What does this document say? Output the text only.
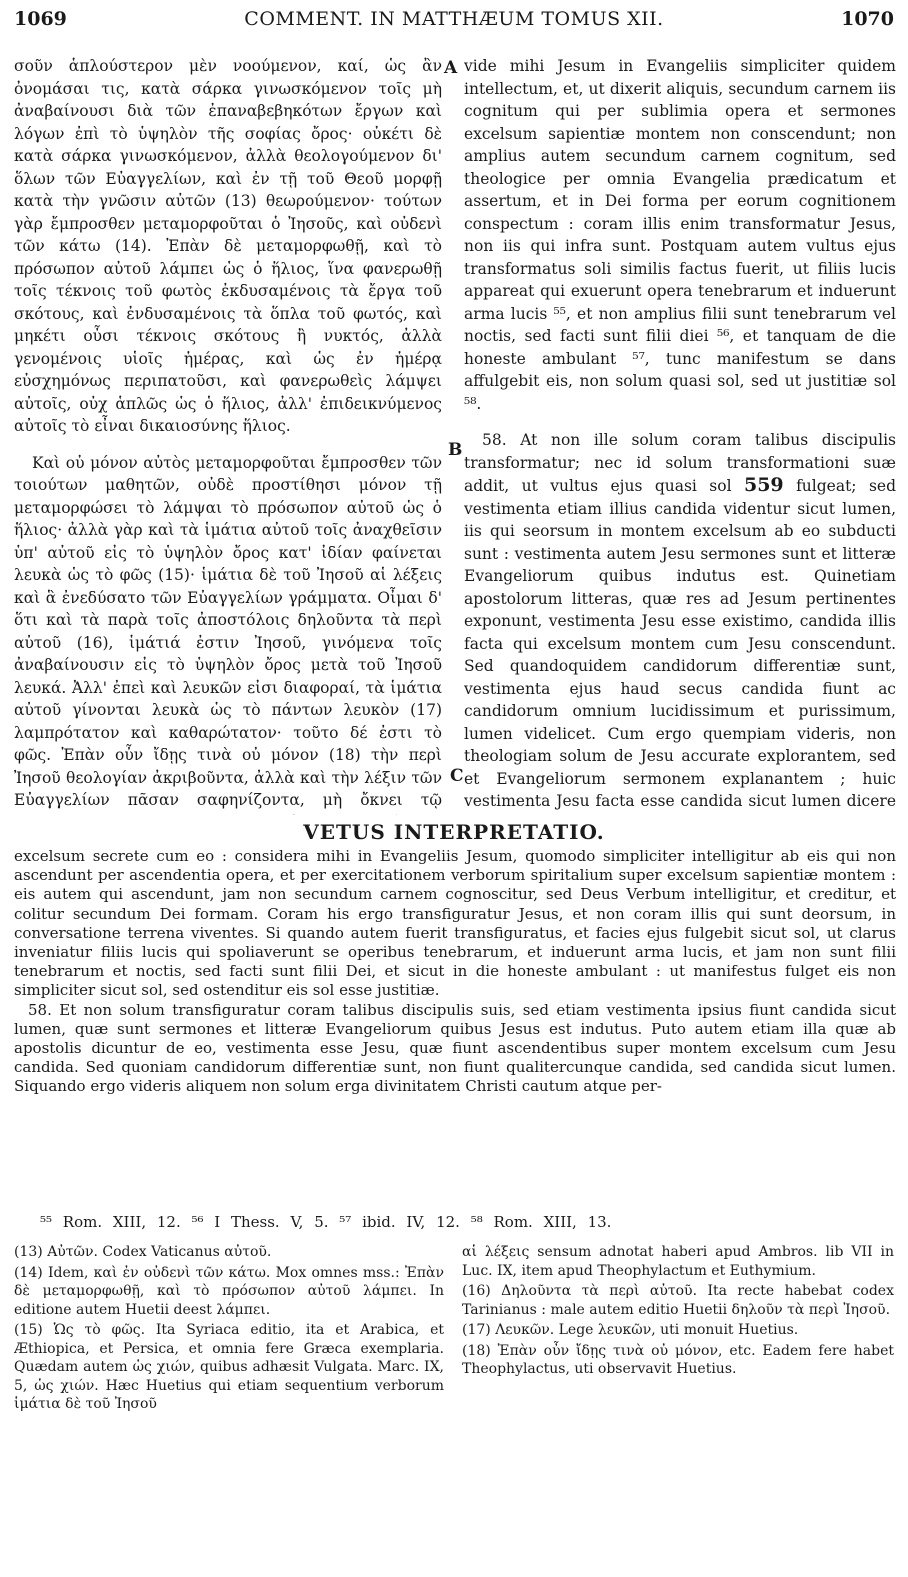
1069	COMMENT. IN MATTHÆUM TOMUS XII.	1070

σοῦν ἁπλούστερον μὲν νοούμενον, καί, ὡς ἂν ὀνομάσαι τις, κατὰ σάρκα γινωσκόμενον τοῖς μὴ ἀναβαίνουσι διὰ τῶν ἐπαναβεβηκότων ἔργων καὶ λόγων ἐπὶ τὸ ὑψηλὸν τῆς σοφίας ὄρος· οὐκέτι δὲ κατὰ σάρκα γινωσκόμενον, ἀλλὰ θεολογούμενον δι' ὅλων τῶν Εὐαγγελίων, καὶ ἐν τῇ τοῦ Θεοῦ μορφῇ κατὰ τὴν γνῶσιν αὐτῶν (13) θεωρούμενον· τούτων γὰρ ἔμπροσθεν μεταμορφοῦται ὁ Ἰησοῦς, καὶ οὐδενὶ τῶν κάτω (14). Ἐπὰν δὲ μεταμορφωθῇ, καὶ τὸ πρόσωπον αὐτοῦ λάμπει ὡς ὁ ἥλιος, ἵνα φανερωθῇ τοῖς τέκνοις τοῦ φωτὸς ἐκδυσαμένοις τὰ ἔργα τοῦ σκότους, καὶ ἐνδυσαμένοις τὰ ὅπλα τοῦ φωτός, καὶ μηκέτι οὖσι τέκνοις σκότους ἢ νυκτός, ἀλλὰ γενομένοις υἱοῖς ἡμέρας, καὶ ὡς ἐν ἡμέρᾳ εὐσχημόνως περιπατοῦσι, καὶ φανερωθεὶς λάμψει αὐτοῖς, οὐχ ἁπλῶς ὡς ὁ ἥλιος, ἀλλ' ἐπιδεικνύμενος αὐτοῖς τὸ εἶναι δικαιοσύνης ἥλιος.

Καὶ οὐ μόνον αὐτὸς μεταμορφοῦται ἔμπροσθεν τῶν τοιούτων μαθητῶν, οὐδὲ προστίθησι μόνον τῇ μεταμορφώσει τὸ λάμψαι τὸ πρόσωπον αὐτοῦ ὡς ὁ ἥλιος· ἀλλὰ γὰρ καὶ τὰ ἱμάτια αὐτοῦ τοῖς ἀναχθεῖσιν ὑπ' αὐτοῦ εἰς τὸ ὑψηλὸν ὄρος κατ' ἰδίαν φαίνεται λευκὰ ὡς τὸ φῶς (15)· ἱμάτια δὲ τοῦ Ἰησοῦ αἱ λέξεις καὶ ἃ ἐνεδύσατο τῶν Εὐαγγελίων γράμματα. Οἶμαι δ' ὅτι καὶ τὰ παρὰ τοῖς ἀποστόλοις δηλοῦντα τὰ περὶ αὐτοῦ (16), ἱμάτιά ἐστιν Ἰησοῦ, γινόμενα τοῖς ἀναβαίνουσιν εἰς τὸ ὑψηλὸν ὄρος μετὰ τοῦ Ἰησοῦ λευκά. Ἀλλ' ἐπεὶ καὶ λευκῶν εἰσι διαφοραί, τὰ ἱμάτια αὐτοῦ γίνονται λευκὰ ὡς τὸ πάντων λευκὸν (17) λαμπρότατον καὶ καθαρώτατον· τοῦτο δέ ἐστι τὸ φῶς. Ἐπὰν οὖν ἴδῃς τινὰ οὐ μόνον (18) τὴν περὶ Ἰησοῦ θεολογίαν ἀκριβοῦντα, ἀλλὰ καὶ τὴν λέξιν τῶν Εὐαγγελίων πᾶσαν σαφηνίζοντα, μὴ ὄκνει τῷ

A
B
C

vide mihi Jesum in Evangeliis simpliciter quidem intellectum, et, ut dixerit aliquis, secundum carnem iis cognitum qui per sublimia opera et sermones excelsum sapientiæ montem non conscendunt; non amplius autem secundum carnem cognitum, sed theologice per omnia Evangelia prædicatum et assertum, et in Dei forma per eorum cognitionem conspectum : coram illis enim transformatur Jesus, non iis qui infra sunt. Postquam autem vultus ejus transformatus soli similis factus fuerit, ut filiis lucis appareat qui exuerunt opera tenebrarum et induerunt arma lucis ⁵⁵, et non amplius filii sunt tenebrarum vel noctis, sed facti sunt filii diei ⁵⁶, et tanquam de die honeste ambulant ⁵⁷, tunc manifestum se dans affulgebit eis, non solum quasi sol, sed ut justitiæ sol ⁵⁸.

58. At non ille solum coram talibus discipulis transformatur; nec id solum transformationi suæ addit, ut vultus ejus quasi sol 559 fulgeat; sed vestimenta etiam illius candida videntur sicut lumen, iis qui seorsum in montem excelsum ab eo subducti sunt : vestimenta autem Jesu sermones sunt et litteræ Evangeliorum quibus indutus est. Quinetiam apostolorum litteras, quæ res ad Jesum pertinentes exponunt, vestimenta Jesu esse existimo, candida illis facta qui excelsum montem cum Jesu conscendunt. Sed quandoquidem candidorum differentiæ sunt, vestimenta ejus haud secus candida fiunt ac candidorum omnium lucidissimum et purissimum, lumen videlicet. Cum ergo quempiam videris, non theologiam solum de Jesu accurate explorantem, sed et Evangeliorum sermonem explanantem ; huic vestimenta Jesu facta esse candida sicut lumen dicere

VETUS INTERPRETATIO.

excelsum secrete cum eo : considera mihi in Evangeliis Jesum, quomodo simpliciter intelligitur ab eis qui non ascendunt per ascendentia opera, et per exercitationem verborum spiritalium super excelsum sapientiæ montem : eis autem qui ascendunt, jam non secundum carnem cognoscitur, sed Deus Verbum intelligitur, et creditur, et colitur secundum Dei formam. Coram his ergo transfiguratur Jesus, et non coram illis qui sunt deorsum, in conversatione terrena viventes. Si quando autem fuerit transfiguratus, et facies ejus fulgebit sicut sol, ut clarus inveniatur filiis lucis qui spoliaverunt se operibus tenebrarum, et induerunt arma lucis, et jam non sunt filii tenebrarum et noctis, sed facti sunt filii Dei, et sicut in die honeste ambulant : ut manifestus fulget eis non simpliciter sicut sol, sed ostenditur eis sol esse justitiæ.

58. Et non solum transfiguratur coram talibus discipulis suis, sed etiam vestimenta ipsius fiunt candida sicut lumen, quæ sunt sermones et litteræ Evangeliorum quibus Jesus est indutus. Puto autem etiam illa quæ ab apostolis dicuntur de eo, vestimenta esse Jesu, quæ fiunt ascendentibus super montem excelsum cum Jesu candida. Sed quoniam candidorum differentiæ sunt, non fiunt qualitercunque candida, sed candida sicut lumen. Siquando ergo videris aliquem non solum erga divinitatem Christi cautum atque per-

⁵⁵ Rom. XIII, 12. ⁵⁶ I Thess. V, 5. ⁵⁷ ibid. IV, 12. ⁵⁸ Rom. XIII, 13.

(13) Αὐτῶν. Codex Vaticanus αὐτοῦ.

(14) Idem, καὶ ἐν οὐδενὶ τῶν κάτω. Mox omnes mss.: Ἐπὰν δὲ μεταμορφωθῇ, καὶ τὸ πρόσωπον αὐτοῦ λάμπει. In editione autem Huetii deest λάμπει.

(15) Ὡς τὸ φῶς. Ita Syriaca editio, ita et Arabica, et Æthiopica, et Persica, et omnia fere Græca exemplaria. Quædam autem ὡς χιών, quibus adhæsit Vulgata. Marc. IX, 5, ὡς χιών. Hæc Huetius qui etiam sequentium verborum ἱμάτια δὲ τοῦ Ἰησοῦ

αἱ λέξεις sensum adnotat haberi apud Ambros. lib VII in Luc. IX, item apud Theophylactum et Euthymium.

(16) Δηλοῦντα τὰ περὶ αὐτοῦ. Ita recte habebat codex Tarinianus : male autem editio Huetii δηλοῦν τὰ περὶ Ἰησοῦ.

(17) Λευκῶν. Lege λευκῶν, uti monuit Huetius.

(18) Ἐπὰν οὖν ἴδῃς τινὰ οὐ μόνον, etc. Eadem fere habet Theophylactus, uti observavit Huetius.
